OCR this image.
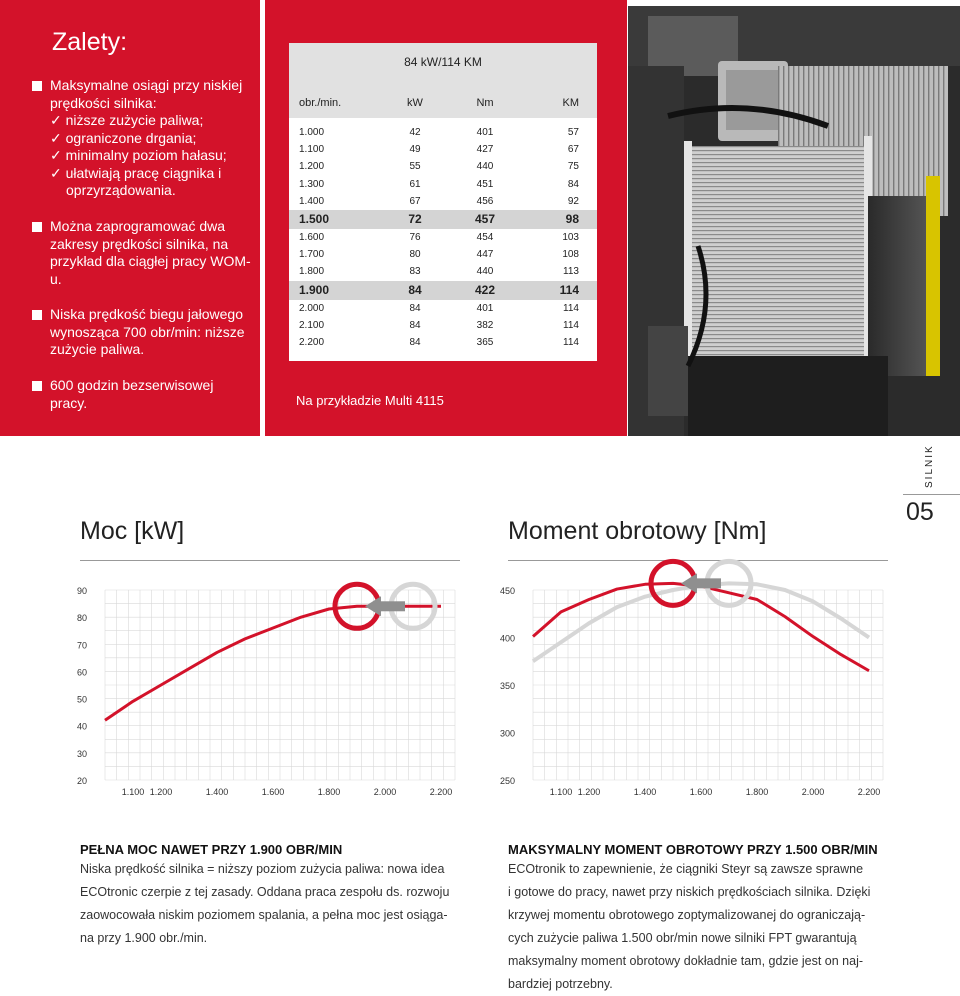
Zalety:
Maksymalne osiągi przy niskiej prędkości silnika:
✓ niższe zużycie paliwa;
✓ ograniczone drgania;
✓ minimalny poziom hałasu;
✓ ułatwiają pracę ciągnika i oprzyrządowania.
Można zaprogramować dwa zakresy prędkości silnika, na przykład dla ciągłej pracy WOM-u.
Niska prędkość biegu jałowego wynosząca 700 obr/min: niższe zużycie paliwa.
600 godzin bezserwisowej pracy.
84 kW/114 KM
obr./min.	kW	Nm	KM
1.000	42	401	57
1.100	49	427	67
1.200	55	440	75
1.300	61	451	84
1.400	67	456	92
1.500	72	457	98
1.600	76	454	103
1.700	80	447	108
1.800	83	440	113
1.900	84	422	114
2.000	84	401	114
2.100	84	382	114
2.200	84	365	114
Na przykładzie Multi 4115
SILNIK
05
Moc [kW]
20
30
40
50
60
70
80
90
1.100 1.200	1.400	1.600	1.800	2.000	2.200
Moment obrotowy [Nm]
250
300
350
400
450
1.100 1.200	1.400	1.600	1.800	2.000	2.200
PEŁNA MOC NAWET PRZY 1.900 OBR/MIN
Niska prędkość silnika = niższy poziom zużycia paliwa: nowa idea
ECOtronic czerpie z tej zasady. Oddana praca zespołu ds. rozwoju
zaowocowała niskim poziomem spalania, a pełna moc jest osiąga-
na przy 1.900 obr./min.
MAKSYMALNY MOMENT OBROTOWY PRZY 1.500 OBR/MIN
ECOtronik to zapewnienie, że ciągniki Steyr są zawsze sprawne
i gotowe do pracy, nawet przy niskich prędkościach silnika. Dzięki
krzywej momentu obrotowego zoptymalizowanej do ograniczają-
cych zużycie paliwa 1.500 obr/min nowe silniki FPT gwarantują
maksymalny moment obrotowy dokładnie tam, gdzie jest on naj-
bardziej potrzebny.
